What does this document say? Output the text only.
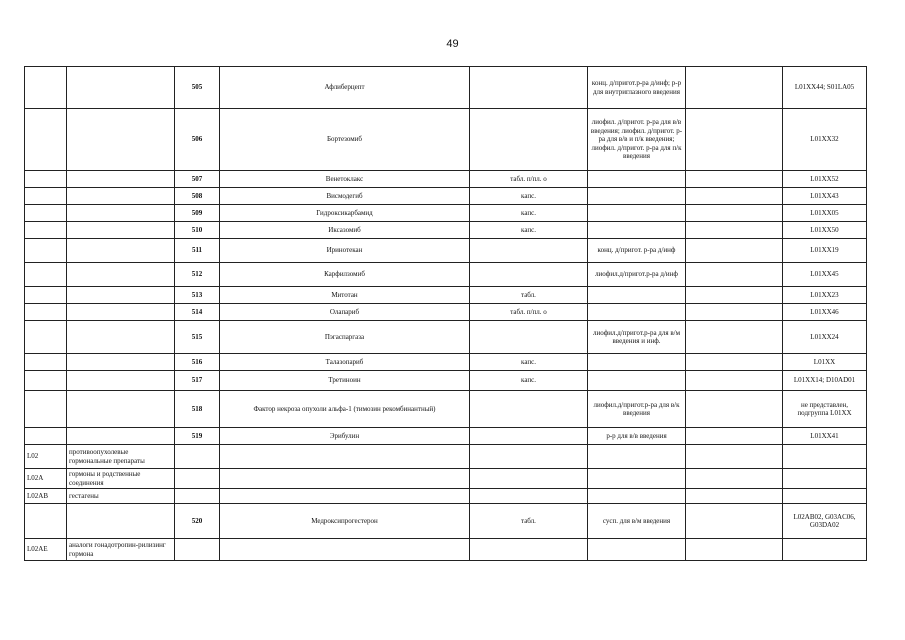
49
		505	Афлиберцепт		конц. д/пригот.р-ра д/инф; р-р для внутриглазного введения		L01XX44; S01LA05
		506	Бортезомиб		лиофил. д/пригот. р-ра для в/в введения; лиофил. д/пригот. р-ра для в/в и п/к введения; лиофил. д/пригот. р-ра для п/к введения		L01XX32
		507	Венетоклакс	табл. п/пл. о			L01XX52
		508	Висмодегиб	капс.			L01XX43
		509	Гидроксикарбамид	капс.			L01XX05
		510	Иксазомиб	капс.			L01XX50
		511	Иринотекан		конц. д/пригот. р-ра д/инф		L01XX19
		512	Карфилзомиб		лиофил.д/пригот.р-ра д/инф		L01XX45
		513	Митотан	табл.			L01XX23
		514	Олапариб	табл. п/пл. о			L01XX46
		515	Пэгаспаргаза		лиофил.д/пригот.р-ра для в/м введения и инф.		L01XX24
		516	Талазопариб	капс.			L01XX
		517	Третиноин	капс.			L01XX14; D10AD01
		518	Фактор некроза опухоли альфа-1 (тимозин рекомбинантный)		лиофил.д/пригот.р-ра для в/к введения		не представлен, подгруппа L01XX
		519	Эрибулин		р-р для в/в введения		L01XX41
L02	противоопухолевые гормональные препараты						
L02A	гормоны и родственные соединения						
L02AB	гестагены						
		520	Медроксипрогестерон	табл.	сусп. для в/м введения		L02AB02, G03AC06, G03DA02
L02AE	аналоги гонадотропин-рилизинг гормона						
